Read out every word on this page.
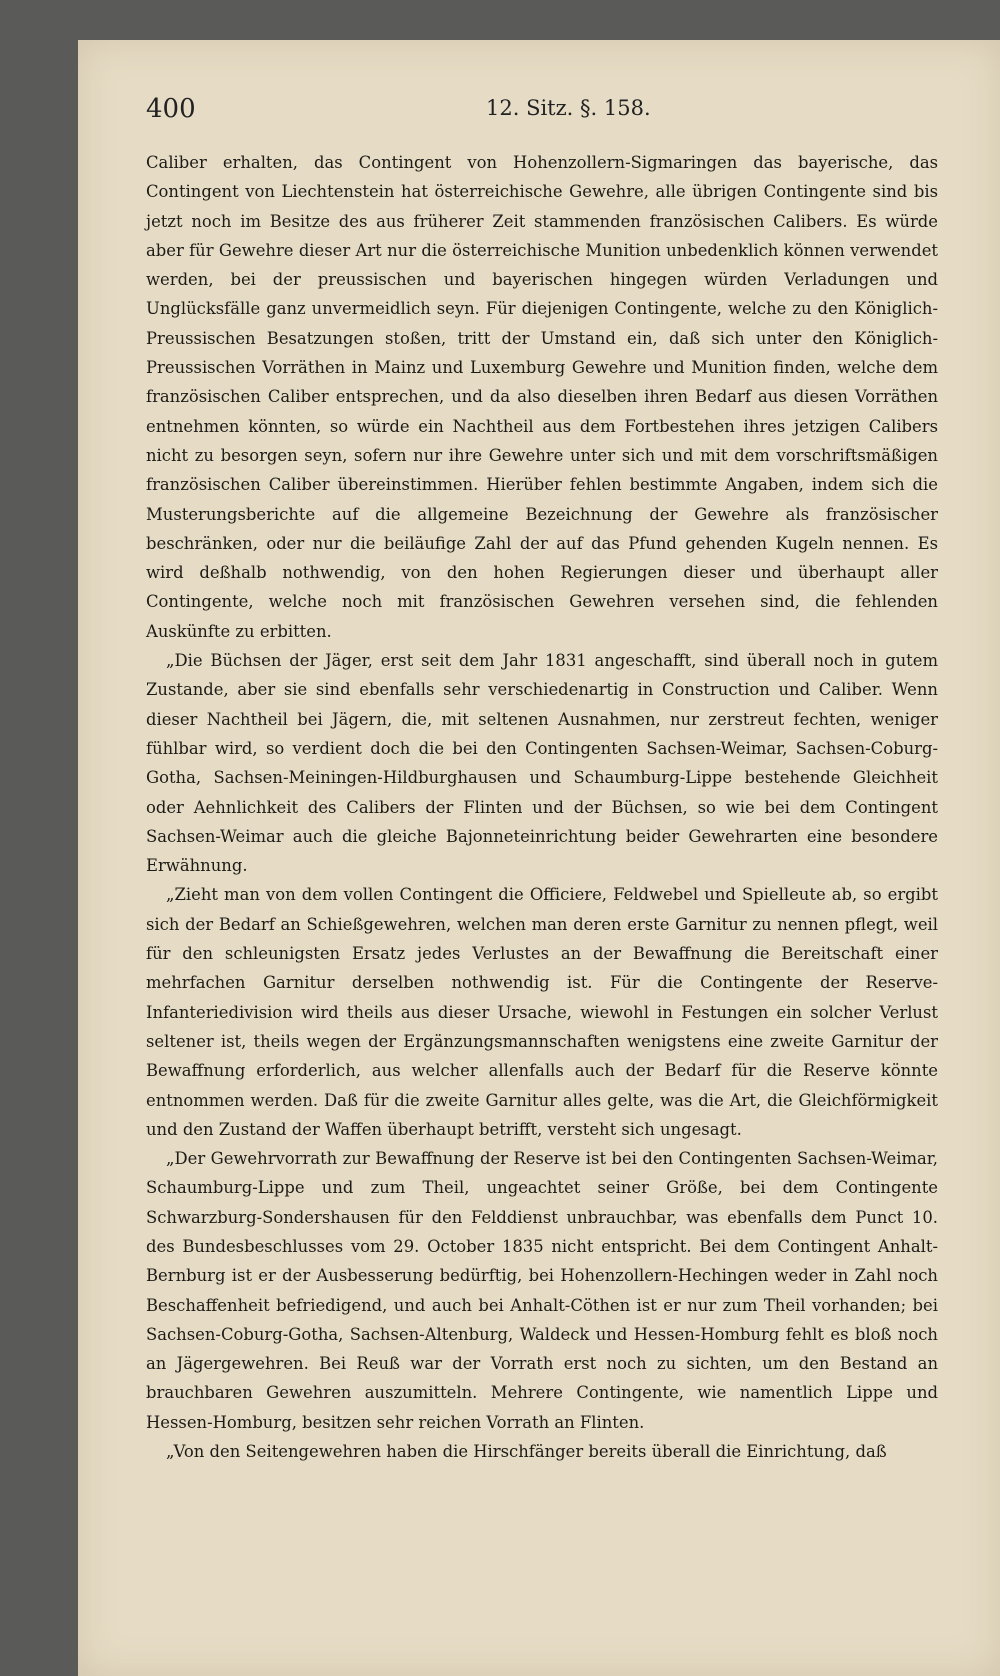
400	12. Sitz. §. 158.

Caliber erhalten, das Contingent von Hohenzollern-Sigmaringen das bayerische, das Contingent von Liechtenstein hat österreichische Gewehre, alle übrigen Contingente sind bis jetzt noch im Besitze des aus früherer Zeit stammenden französischen Calibers. Es würde aber für Gewehre dieser Art nur die österreichische Munition unbedenklich können verwendet werden, bei der preussischen und bayerischen hingegen würden Verladungen und Unglücksfälle ganz unvermeidlich seyn. Für diejenigen Contingente, welche zu den Königlich-Preussischen Besatzungen stoßen, tritt der Umstand ein, daß sich unter den Königlich-Preussischen Vorräthen in Mainz und Luxemburg Gewehre und Munition finden, welche dem französischen Caliber entsprechen, und da also dieselben ihren Bedarf aus diesen Vorräthen entnehmen könnten, so würde ein Nachtheil aus dem Fortbestehen ihres jetzigen Calibers nicht zu besorgen seyn, sofern nur ihre Gewehre unter sich und mit dem vorschriftsmäßigen französischen Caliber übereinstimmen. Hierüber fehlen bestimmte Angaben, indem sich die Musterungsberichte auf die allgemeine Bezeichnung der Gewehre als französischer beschränken, oder nur die beiläufige Zahl der auf das Pfund gehenden Kugeln nennen. Es wird deßhalb nothwendig, von den hohen Regierungen dieser und überhaupt aller Contingente, welche noch mit französischen Gewehren versehen sind, die fehlenden Auskünfte zu erbitten.

„Die Büchsen der Jäger, erst seit dem Jahr 1831 angeschafft, sind überall noch in gutem Zustande, aber sie sind ebenfalls sehr verschiedenartig in Construction und Caliber. Wenn dieser Nachtheil bei Jägern, die, mit seltenen Ausnahmen, nur zerstreut fechten, weniger fühlbar wird, so verdient doch die bei den Contingenten Sachsen-Weimar, Sachsen-Coburg-Gotha, Sachsen-Meiningen-Hildburghausen und Schaumburg-Lippe bestehende Gleichheit oder Aehnlichkeit des Calibers der Flinten und der Büchsen, so wie bei dem Contingent Sachsen-Weimar auch die gleiche Bajonneteinrichtung beider Gewehrarten eine besondere Erwähnung.

„Zieht man von dem vollen Contingent die Officiere, Feldwebel und Spielleute ab, so ergibt sich der Bedarf an Schießgewehren, welchen man deren erste Garnitur zu nennen pflegt, weil für den schleunigsten Ersatz jedes Verlustes an der Bewaffnung die Bereitschaft einer mehrfachen Garnitur derselben nothwendig ist. Für die Contingente der Reserve-Infanteriedivision wird theils aus dieser Ursache, wiewohl in Festungen ein solcher Verlust seltener ist, theils wegen der Ergänzungsmannschaften wenigstens eine zweite Garnitur der Bewaffnung erforderlich, aus welcher allenfalls auch der Bedarf für die Reserve könnte entnommen werden. Daß für die zweite Garnitur alles gelte, was die Art, die Gleichförmigkeit und den Zustand der Waffen überhaupt betrifft, versteht sich ungesagt.

„Der Gewehrvorrath zur Bewaffnung der Reserve ist bei den Contingenten Sachsen-Weimar, Schaumburg-Lippe und zum Theil, ungeachtet seiner Größe, bei dem Contingente Schwarzburg-Sondershausen für den Felddienst unbrauchbar, was ebenfalls dem Punct 10. des Bundesbeschlusses vom 29. October 1835 nicht entspricht. Bei dem Contingent Anhalt-Bernburg ist er der Ausbesserung bedürftig, bei Hohenzollern-Hechingen weder in Zahl noch Beschaffenheit befriedigend, und auch bei Anhalt-Cöthen ist er nur zum Theil vorhanden; bei Sachsen-Coburg-Gotha, Sachsen-Altenburg, Waldeck und Hessen-Homburg fehlt es bloß noch an Jägergewehren. Bei Reuß war der Vorrath erst noch zu sichten, um den Bestand an brauchbaren Gewehren auszumitteln. Mehrere Contingente, wie namentlich Lippe und Hessen-Homburg, besitzen sehr reichen Vorrath an Flinten.

„Von den Seitengewehren haben die Hirschfänger bereits überall die Einrichtung, daß
